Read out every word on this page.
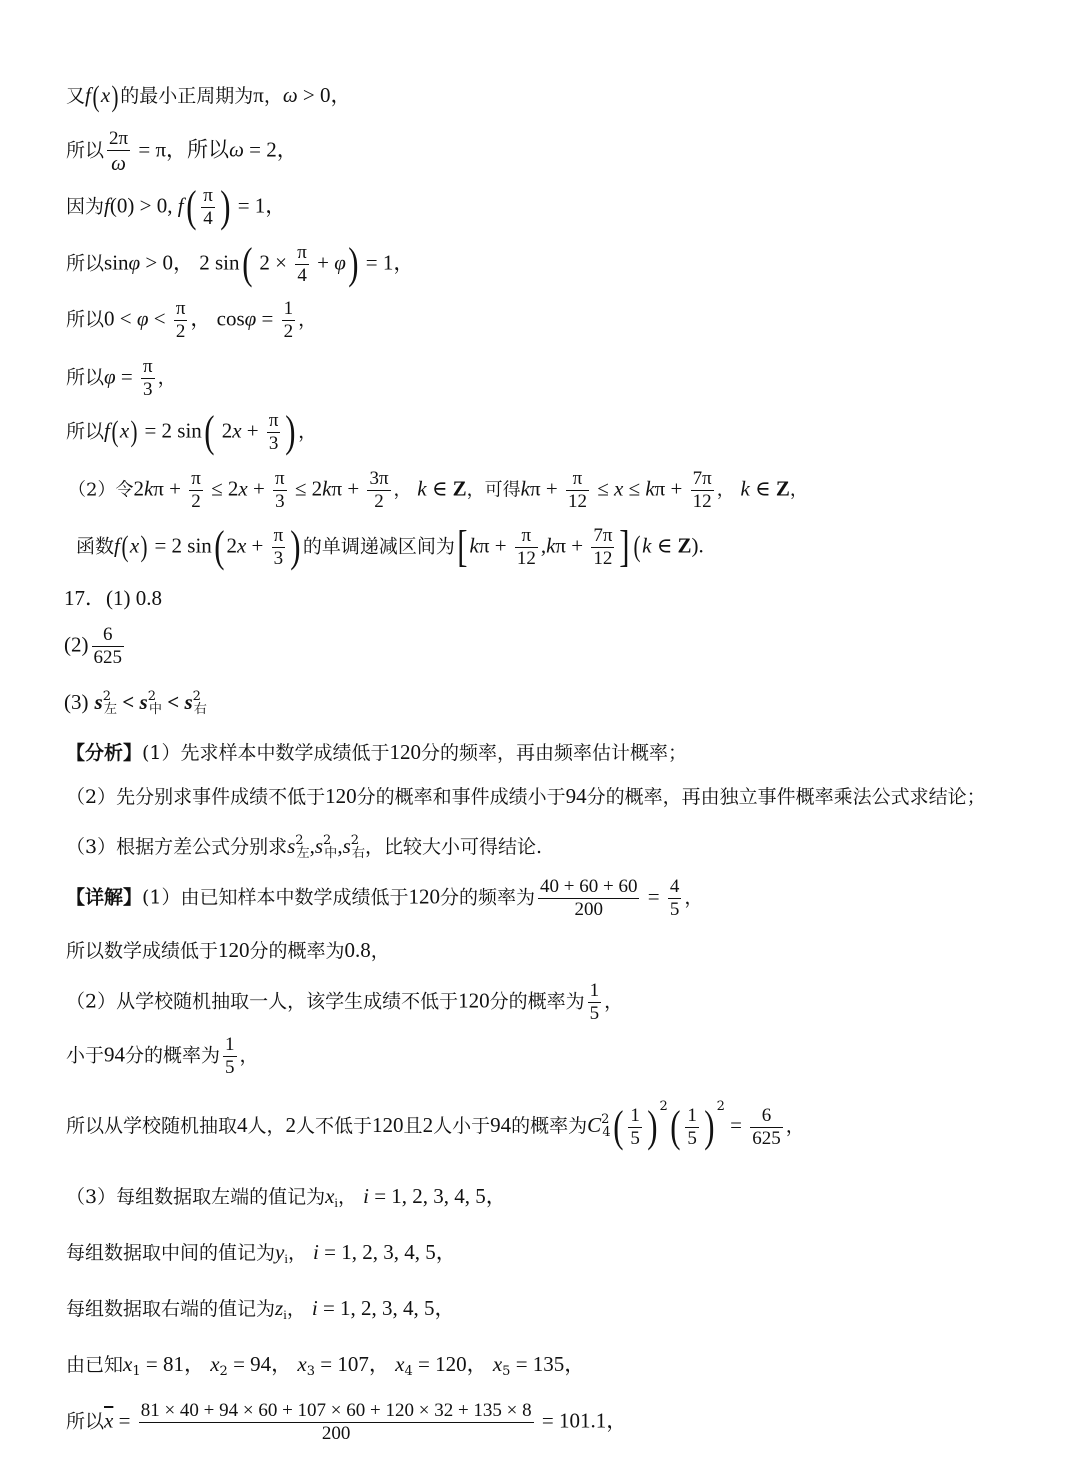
又f(x)的最小正周期为π，ω > 0，
所以 $\frac{2\pi}{\omega} = \pi$，所以ω = 2，
因为f(0) > 0, $f( \frac{\pi}{4}$ ) = 1，
所以sinφ > 0， 2 sin( $2 \times \frac{\pi}{4} + \varphi) = 1$，
所以$0 < \varphi < \frac{\pi}{2}$ ， $\cos\varphi = \frac{1}{2}$ ，
所以$\varphi = \frac{\pi}{3}$ ，
所以f(x) = 2 sin( $2x + \frac{\pi}{3}$ ) ，
（2）令$2k\pi + \frac{\pi}{2} \le 2x + \frac{\pi}{3} \le 2k\pi + \frac{3\pi}{2}$ ， k ∈ Z，可得$k\pi + \frac{\pi}{12} \le x \le k\pi + \frac{7\pi}{12}$ ， k ∈ Z，
函数f(x) = 2 sin( $2x + \frac{\pi}{3}$ ) 的单调递减区间为[ $k\pi + \frac{\pi}{12} ,k\pi + \frac{7\pi}{12}$ ] (k ∈ Z).
17．(1) 0.8
$(2) \frac{6}{625}$
(3) $s^2_左 < s^2_中 < s^2_右$
【分析】(1）先求样本中数学成绩低于120分的频率，再由频率估计概率；
（2）先分别求事件成绩不低于120分的概率和事件成绩小于94分的概率，再由独立事件概率乘法公式求结论；
（3）根据方差公式分别求$s^2_左,s^2_中,s^2_右$，比较大小可得结论.
【详解】(1）由已知样本中数学成绩低于120分的频率为 $\frac{40 + 60 + 60}{200} = \frac{4}{5}$ ，
所以数学成绩低于120分的概率为0.8，
（2）从学校随机抽取一人，该学生成绩不低于120分的概率为 $\frac{1}{5}$ ，
小于94分的概率为 $\frac{1}{5}$ ，
所以从学校随机抽取4人，2人不低于120且2人小于94的概率为$C^2_4( \frac{1}{5}$ ) $^2( \frac{1}{5}$ ) $^2 = \frac{6}{625}$ ，
（3）每组数据取左端的值记为$x_i$， i = 1, 2, 3, 4, 5，
每组数据取中间的值记为$y_i$， i = 1, 2, 3, 4, 5，
每组数据取右端的值记为$z_i$， i = 1, 2, 3, 4, 5，
由已知$x_1 = 81$， $x_2 = 94$， $x_3 = 107$， $x_4 = 120$， $x_5 = 135$，
所以$\overline{x} = \frac{81 \times 40 + 94 \times 60 + 107 \times 60 + 120 \times 32 + 135 \times 8}{200} = 101.1$，
